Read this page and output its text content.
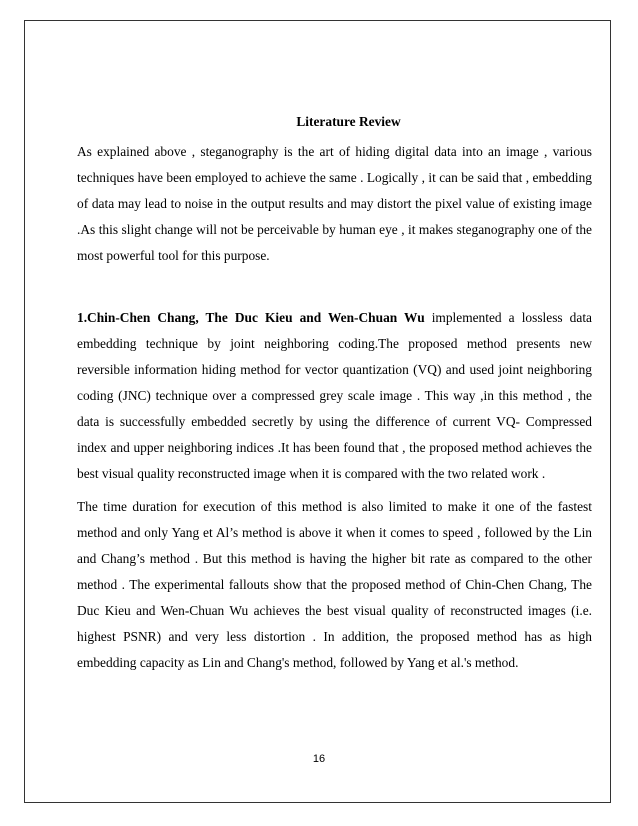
Literature Review

As explained above , steganography is the art of hiding digital data into an image , various techniques have been employed to achieve the same . Logically , it can be said that , embedding of data may lead to noise in the output results and may distort the pixel value of existing image .As this slight change will not be perceivable by human eye , it makes steganography one of the most powerful tool for this purpose.

1.Chin-Chen Chang, The Duc Kieu and Wen-Chuan Wu implemented a lossless data embedding technique by joint neighboring coding.The proposed method presents new reversible information hiding method for vector quantization (VQ) and used joint neighboring coding (JNC) technique over a compressed grey scale image . This way ,in this method , the data is successfully embedded secretly by using the difference of current VQ- Compressed index and upper neighboring indices .It has been found that , the proposed method achieves the best visual quality reconstructed image when it is compared with the two related work .

The time duration for execution of this method is also limited to make it one of the fastest method and only Yang et Al’s method is above it when it comes to speed , followed by the Lin and Chang’s method . But this method is having the higher bit rate as compared to the other method . The experimental fallouts show that the proposed method of Chin-Chen Chang, The Duc Kieu and Wen-Chuan Wu achieves the best visual quality of reconstructed images (i.e. highest PSNR) and very less distortion . In addition, the proposed method has as high embedding capacity as Lin and Chang's method, followed by Yang et al.'s method.

16
